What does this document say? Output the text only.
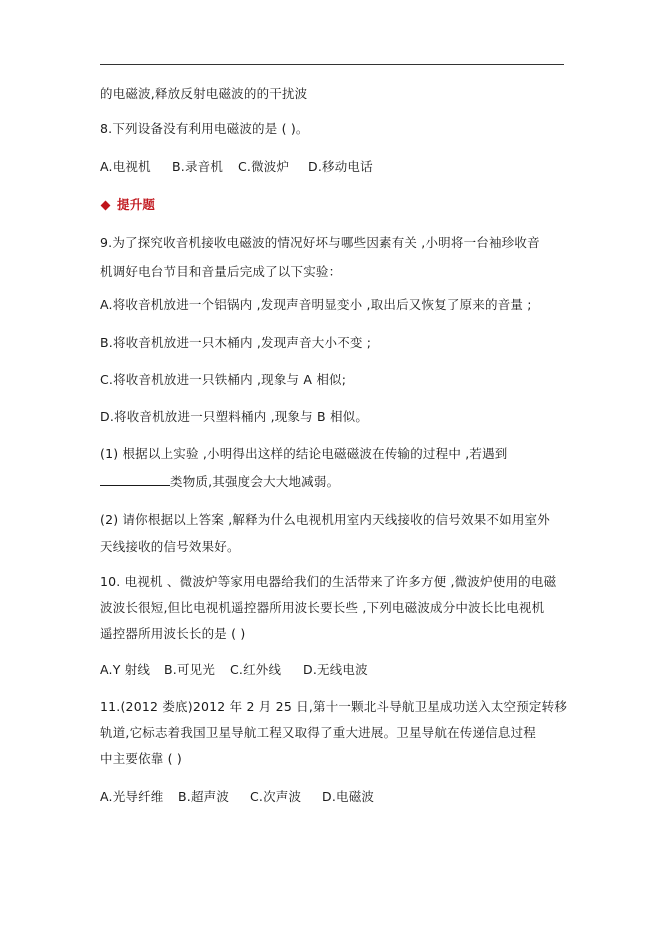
的电磁波,释放反射电磁波的的干扰波
8.下列设备没有利用电磁波的是 ( )。
A.电视机 B.录音机 C.微波炉 D.移动电话
提升题
9.为了探究收音机接收电磁波的情况好坏与哪些因素有关 ,小明将一台袖珍收音
机调好电台节目和音量后完成了以下实验：
A.将收音机放进一个铝锅内 ,发现声音明显变小 ,取出后又恢复了原来的音量 ;
B.将收音机放进一只木桶内 ,发现声音大小不变 ;
C.将收音机放进一只铁桶内 ,现象与 A 相似;
D.将收音机放进一只塑料桶内 ,现象与 B 相似。
(1) 根据以上实验 ,小明得出这样的结论电磁磁波在传输的过程中 ,若遇到
类物质,其强度会大大地减弱。
(2) 请你根据以上答案 ,解释为什么电视机用室内天线接收的信号效果不如用室外
天线接收的信号效果好。
10. 电视机 、微波炉等家用电器给我们的生活带来了许多方便 ,微波炉使用的电磁
波波长很短,但比电视机遥控器所用波长要长些 ,下列电磁波成分中波长比电视机
遥控器所用波长长的是 ( )
A.Y 射线 B.可见光 C.红外线 D.无线电波
11.(2012 娄底)2012 年 2 月 25 日,第十一颗北斗导航卫星成功送入太空预定转移
轨道,它标志着我国卫星导航工程又取得了重大进展。卫星导航在传递信息过程
中主要依靠 ( )
A.光导纤维 B.超声波 C.次声波 D.电磁波
